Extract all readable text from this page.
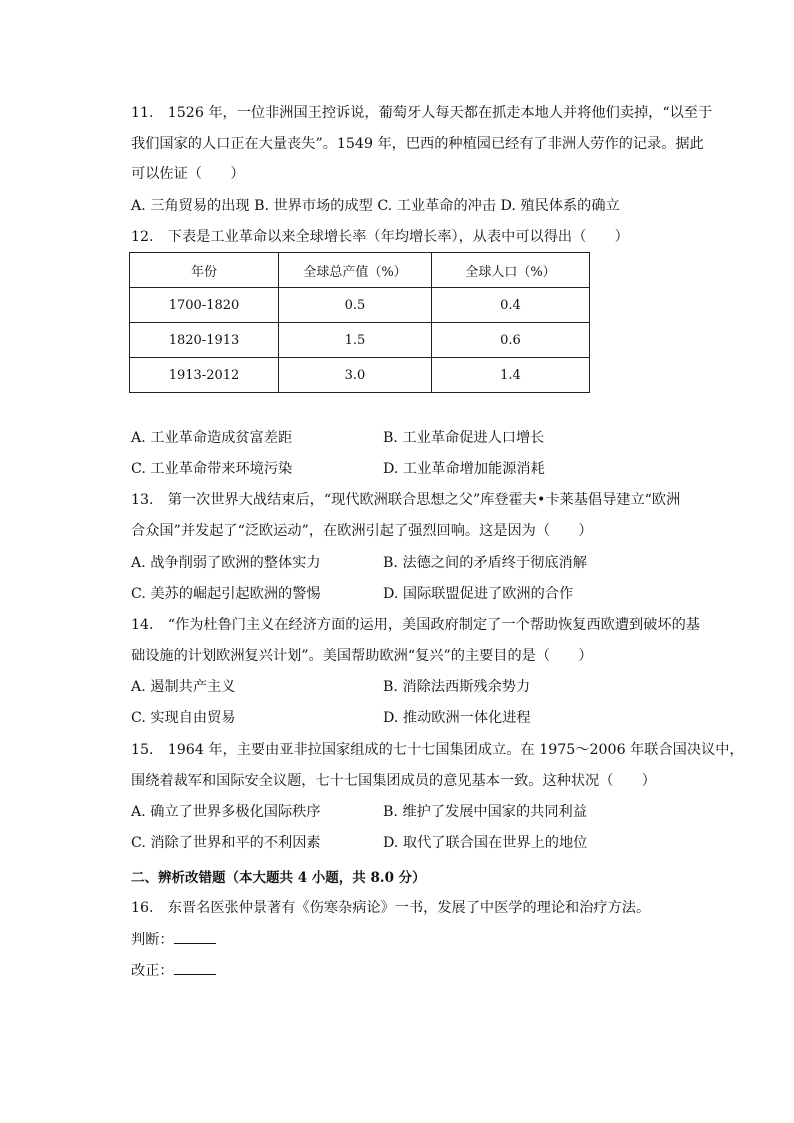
11.　1526 年，一位非洲国王控诉说，葡萄牙人每天都在抓走本地人并将他们卖掉，“以至于
我们国家的人口正在大量丧失”。1549 年，巴西的种植园已经有了非洲人劳作的记录。据此
可以佐证（　　）
A. 三角贸易的出现 B. 世界市场的成型 C. 工业革命的冲击 D. 殖民体系的确立
12.　下表是工业革命以来全球增长率（年均增长率），从表中可以得出（　　）
年份	全球总产值（%）	全球人口（%）
1700-1820	0.5	0.4
1820-1913	1.5	0.6
1913-2012	3.0	1.4
A. 工业革命造成贫富差距	B. 工业革命促进人口增长
C. 工业革命带来环境污染	D. 工业革命增加能源消耗
13.　第一次世界大战结束后，“现代欧洲联合思想之父”库登霍夫•卡莱基倡导建立“欧洲
合众国”并发起了“泛欧运动”，在欧洲引起了强烈回响。这是因为（　　）
A. 战争削弱了欧洲的整体实力	B. 法德之间的矛盾终于彻底消解
C. 美苏的崛起引起欧洲的警惕	D. 国际联盟促进了欧洲的合作
14.　“作为杜鲁门主义在经济方面的运用，美国政府制定了一个帮助恢复西欧遭到破坏的基
础设施的计划欧洲复兴计划”。美国帮助欧洲“复兴”的主要目的是（　　）
A. 遏制共产主义	B. 消除法西斯残余势力
C. 实现自由贸易	D. 推动欧洲一体化进程
15.　1964 年，主要由亚非拉国家组成的七十七国集团成立。在 1975～2006 年联合国决议中，
围绕着裁军和国际安全议题，七十七国集团成员的意见基本一致。这种状况（　　）
A. 确立了世界多极化国际秩序	B. 维护了发展中国家的共同利益
C. 消除了世界和平的不利因素	D. 取代了联合国在世界上的地位
二、辨析改错题（本大题共 4 小题，共 8.0 分）
16.　东晋名医张仲景著有《伤寒杂病论》一书，发展了中医学的理论和治疗方法。
判断：
改正：
